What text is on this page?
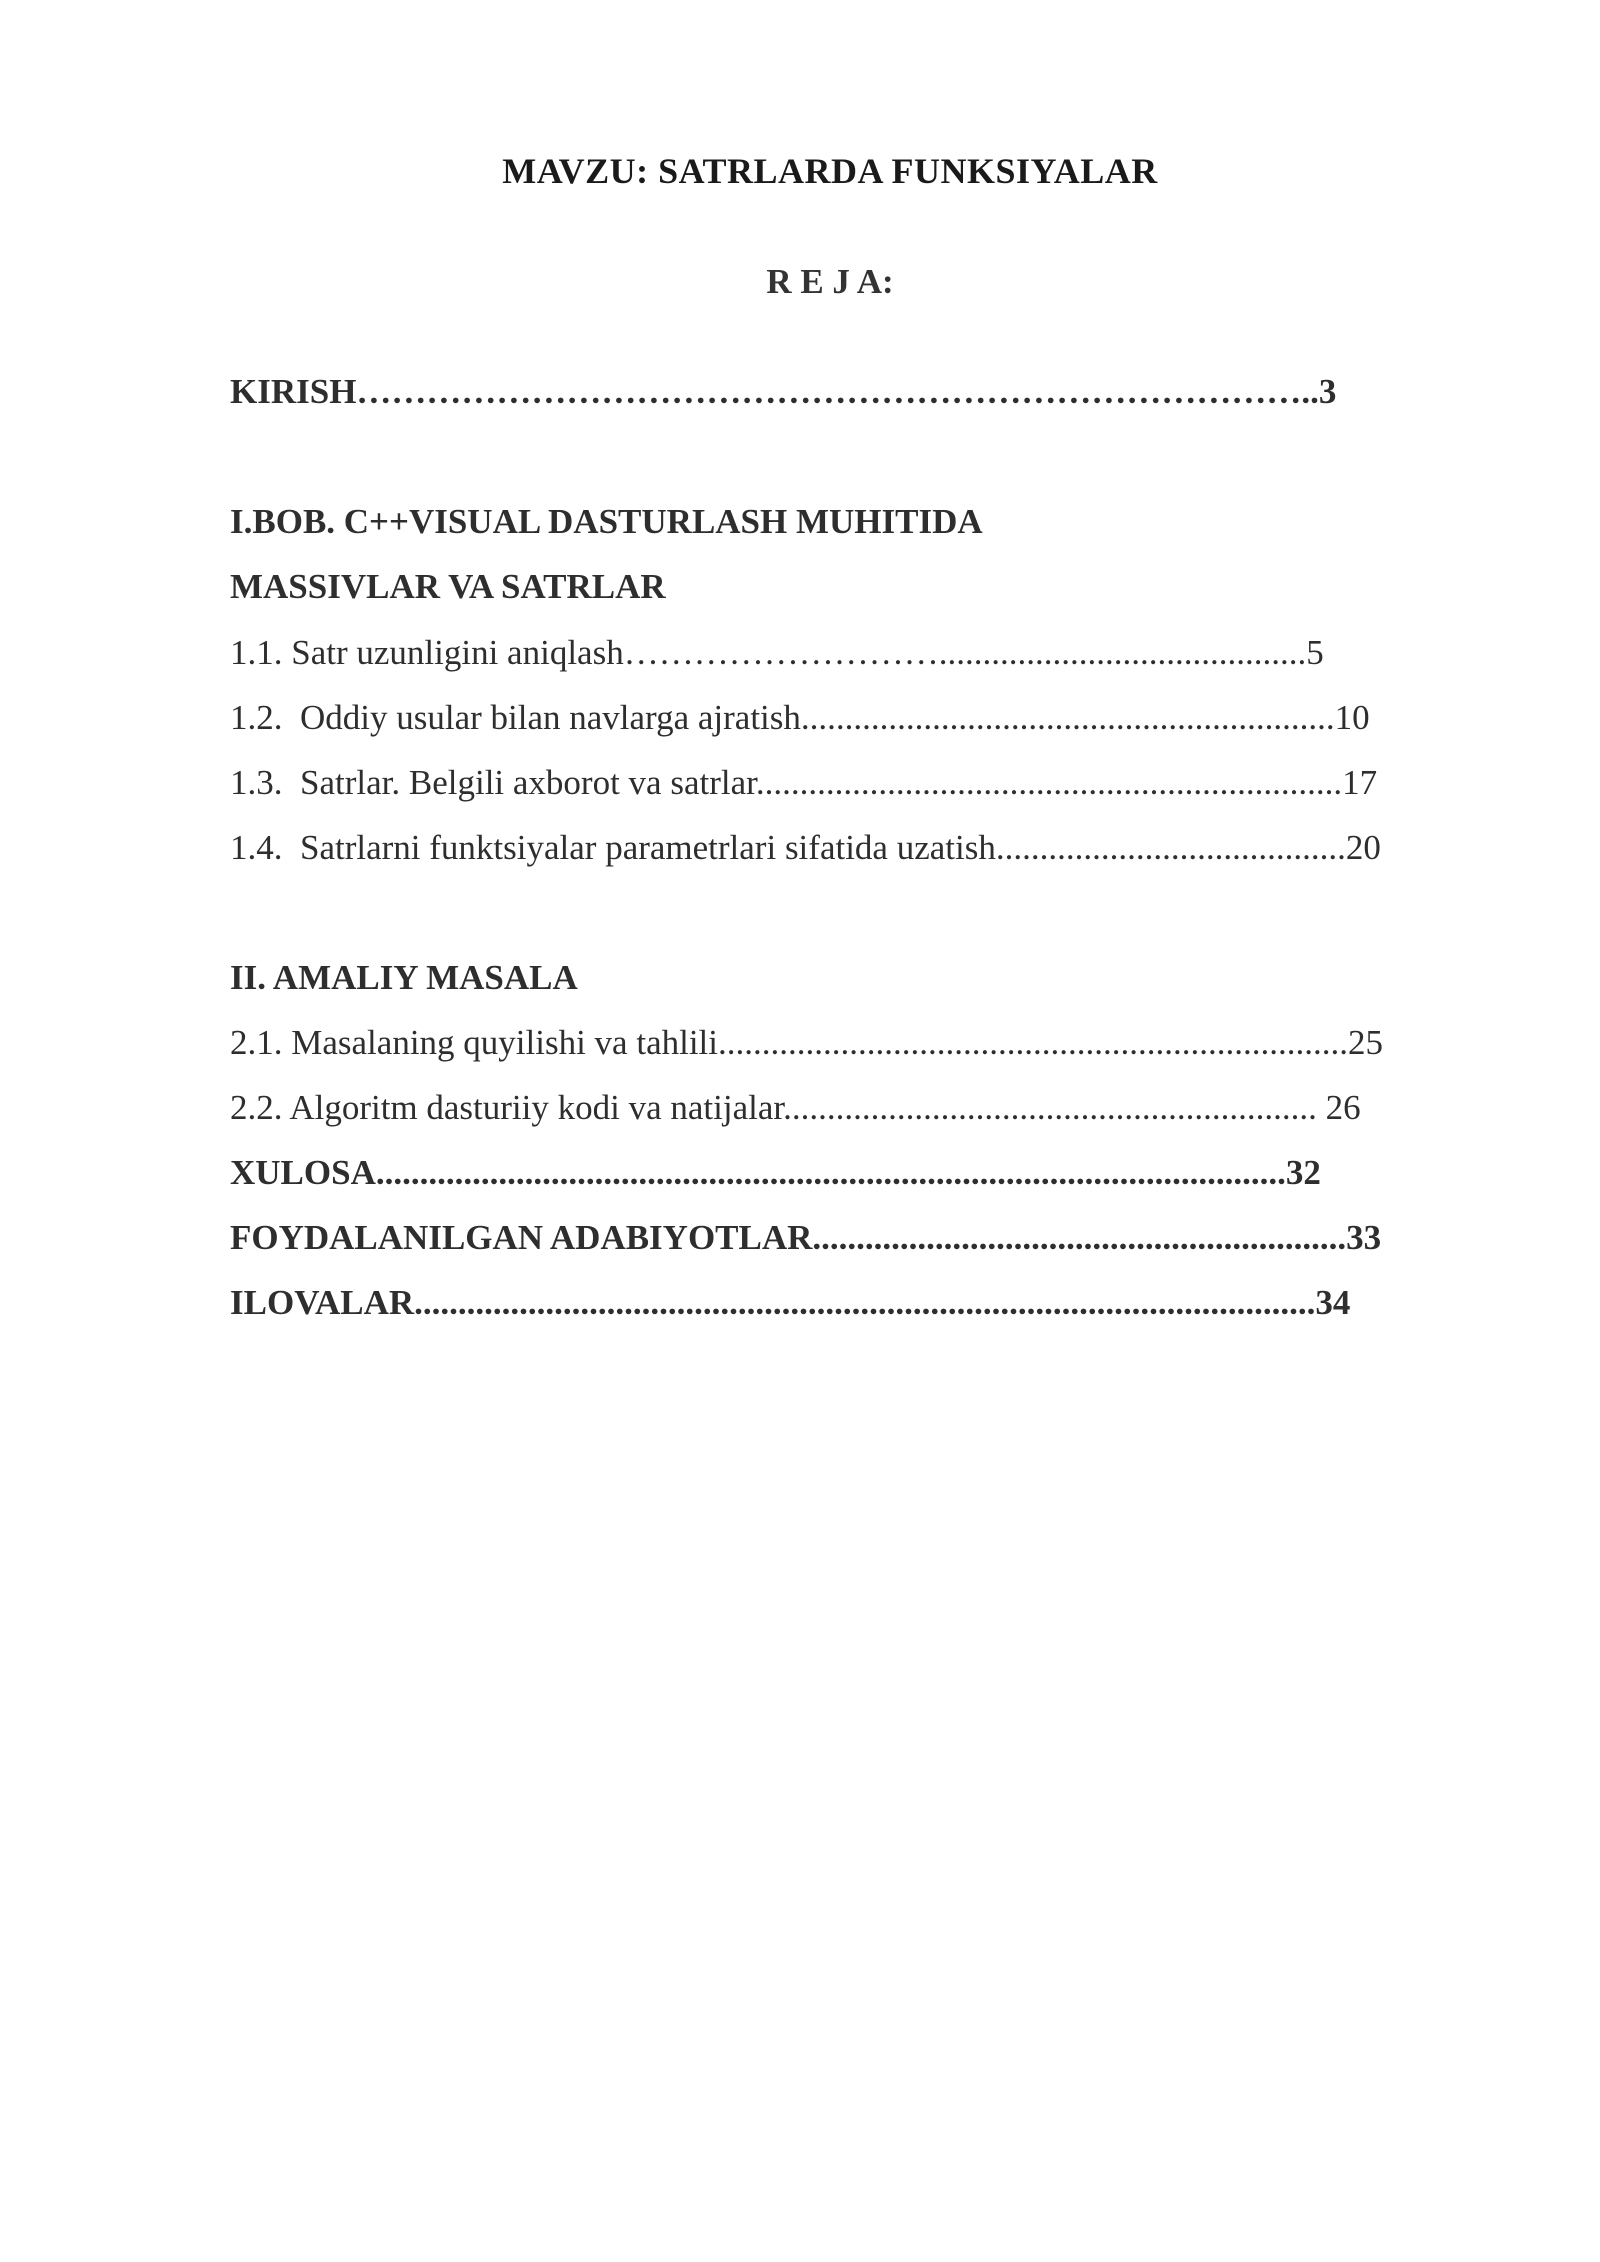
MAVZU: SATRLARDA FUNKSIYALAR
R E J A:
KIRISH………………………………………………………………………..3
I.BOB. C++VISUAL DASTURLASH MUHITIDA
MASSIVLAR VA SATRLAR
1.1. Satr uzunligini aniqlash………………………..........................................5
1.2.  Oddiy usular bilan navlarga ajratish.............................................................10
1.3.  Satrlar. Belgili axborot va satrlar...................................................................17
1.4.  Satrlarni funktsiyalar parametrlari sifatida uzatish........................................20
II. AMALIY MASALA
2.1. Masalaning quyilishi va tahlili........................................................................25
2.2. Algoritm dasturiiy kodi va natijalar............................................................. 26
XULOSA........................................................................................................32
FOYDALANILGAN ADABIYOTLAR.............................................................33
ILOVALAR.......................................................................................................34
